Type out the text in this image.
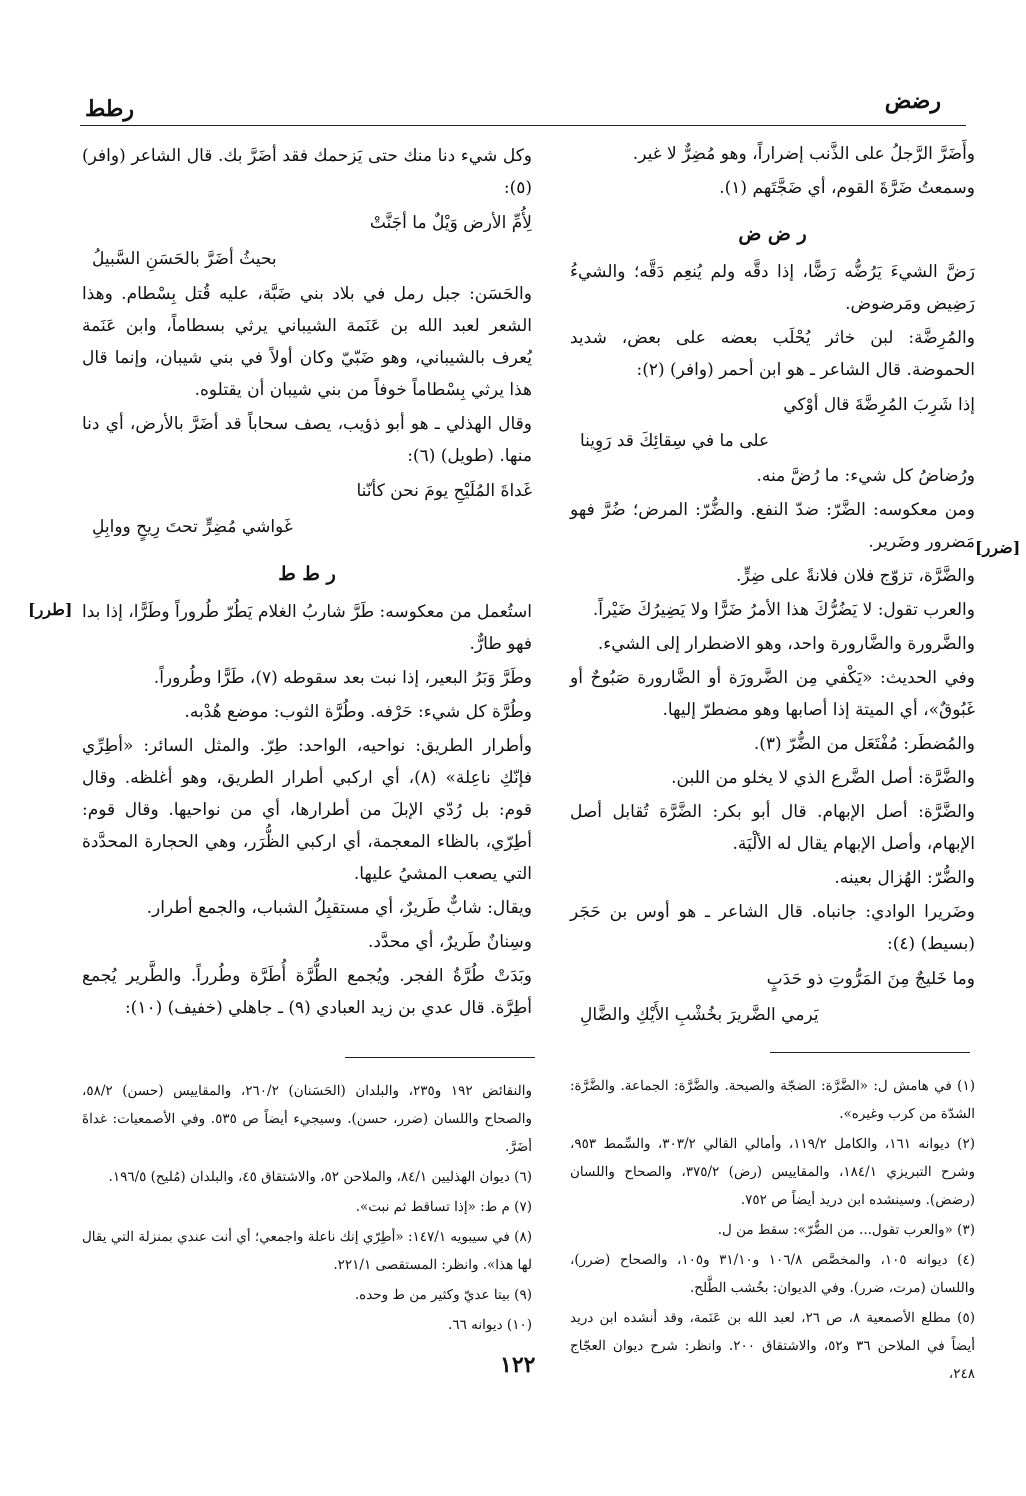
رضض
رطط

وأَضَرَّ الرَّجلُ على الذَّنب إضراراً، وهو مُضِرٌّ لا غير.

وسمعتُ ضَرَّةَ القوم، أي ضَجَّتَهم (١).

ر ض ض

رَضَّ الشيءَ يَرُضُّه رَضًّا، إذا دقَّه ولم يُنعِم دَقَّه؛ والشيءُ رَضِيض ومَرضوض.

والمُرِضَّة: لبن خاثر يُحْلَب بعضه على بعض، شديد الحموضة. قال الشاعر ـ هو ابن أحمر (وافر) (٢):

إذا شَرِبَ المُرِضَّةَ قال أوْكي

على ما في سِقائِكَ قد رَوِينا

ورُضاضُ كل شيء: ما رُضَّ منه.

ومن معكوسه: الضَّرّ: ضدّ النفع. والضُّرّ: المرض؛ ضُرَّ فهو مَضرور وضَرير.

والضَّرَّة، تزوّج فلان فلانةً على ضِرٍّ.

والعرب تقول: لا يَضُرُّكَ هذا الأمرُ ضَرًّا ولا يَضِيرُكَ ضَيْراً.

والضَّرورة والضَّارورة واحد، وهو الاضطرار إلى الشيء.

وفي الحديث: «يَكْفي مِن الضَّرورَة أو الضَّارورة صَبُوحٌ أو غَبُوقٌ»، أي الميتة إذا أصابها وهو مضطرّ إليها.

والمُضطَر: مُفْتَعَل من الضُّرّ (٣).

والضَّرَّة: أصل الضَّرع الذي لا يخلو من اللبن.

والضَّرَّة: أصل الإبهام. قال أبو بكر: الضَّرَّة تُقابل أصل الإبهام، وأصل الإبهام يقال له الألْيَة.

والضُّرّ: الهُزال بعينه.

وضَريرا الوادي: جانباه. قال الشاعر ـ هو أوس بن حَجَر (بسيط) (٤):

وما خَليجٌ مِنَ المَرُّوتِ ذو حَدَبٍ

يَرمي الضَّريرَ بخُشْبِ الأَيْكِ والضَّالِ

[ضرر]

وكل شيء دنا منك حتى يَزحمك فقد أضَرَّ بك. قال الشاعر (وافر) (٥):

لِأُمِّ الأرض وَيْلٌ ما أجَنَّتْ

بحيثُ أضَرَّ بالحَسَنِ السَّبيلُ

والحَسَن: جبل رمل في بلاد بني ضَبَّة، عليه قُتل بِسْطام. وهذا الشعر لعبد الله بن عَنَمة الشيباني يرثي بسطاماً، وابن عَنَمة يُعرف بالشيباني، وهو ضَبّيّ وكان أولاً في بني شيبان، وإنما قال هذا يرثي بِسْطاماً خوفاً من بني شيبان أن يقتلوه.

وقال الهذلي ـ هو أبو ذؤيب، يصف سحاباً قد أضَرَّ بالأرض، أي دنا منها. (طويل) (٦):

غَداةَ المُلَيْحِ يومَ نحن كأنّنا

غَواشي مُضِرٍّ تحتَ رِيحٍ ووابِلِ

ر ط ط

استُعمل من معكوسه: طَرَّ شاربُ الغلام يَطُرّ طُروراً وطَرًّا، إذا بدا فهو طارٌّ.

وطَرَّ وَبَرُ البعير، إذا نبت بعد سقوطه (٧)، طَرًّا وطُروراً.

وطُرَّة كل شيء: حَرْفه. وطُرَّة الثوب: موضع هُدْبه.

وأطرار الطريق: نواحيه، الواحد: طِرّ. والمثل السائر: «أطِرِّي فإنّكِ ناعِلة» (٨)، أي اركبي أطرار الطريق، وهو أغلظه. وقال قوم: بل رُدّي الإبلَ من أطرارها، أي من نواحيها. وقال قوم: أطِرّي، بالظاء المعجمة، أي اركبي الظُّرَر، وهي الحجارة المحدَّدة التي يصعب المشيُ عليها.

ويقال: شابٌّ طَريرٌ، أي مستقبِلُ الشباب، والجمع أطرار.

وسِنانٌ طَريرٌ، أي محدَّد.

وبَدَتْ طُرَّةُ الفجر. ويُجمع الطُّرَّة أُطَرَّة وطُرراً. والطَّرير يُجمع أطِرَّة. قال عدي بن زيد العبادي (٩) ـ جاهلي (خفيف) (١٠):

[طرر]

(١) في هامش ل: «الضَّرَّة: الضجّة والصيحة. والضَّرَّة: الجماعة. والضَّرَّة: الشدّة من كرب وغيره».

(٢) ديوانه ١٦١، والكامل ١١٩/٢، وأمالي القالي ٣٠٣/٢، والسِّمط ٩٥٣، وشرح التبريزي ١٨٤/١، والمقاييس (رض) ٣٧٥/٢، والصحاح واللسان (رضض). وسينشده ابن دريد أيضاً ص ٧٥٢.

(٣) «والعرب تقول... من الضُّرّ»: سقط من ل.

(٤) ديوانه ١٠٥، والمخصَّص ١٠٦/٨ و٣١/١٠ و١٠٥، والصحاح (ضرر)، واللسان (مرت، ضرر). وفي الديوان: بخُشب الطَّلح.

(٥) مطلع الأصمعية ٨، ص ٢٦، لعبد الله بن عَنَمة، وقد أنشده ابن دريد أيضاً في الملاحن ٣٦ و٥٢، والاشتقاق ٢٠٠. وانظر: شرح ديوان العجّاج ٢٤٨،

والنقائض ١٩٢ و٢٣٥، والبلدان (الحَسَنان) ٢٦٠/٢، والمقاييس (حسن) ٥٨/٢، والصحاح واللسان (ضرر، حسن). وسيجيء أيضاً ص ٥٣٥. وفي الأصمعيات: غداةَ أضَرَّ.

(٦) ديوان الهذليين ٨٤/١، والملاحن ٥٢، والاشتقاق ٤٥، والبلدان (مُليح) ١٩٦/٥.

(٧) م ط: «إذا تساقط ثم نبت».

(٨) في سيبويه ١٤٧/١: «أطِرّي إنك ناعلة واجمعي؛ أي أنت عندي بمنزلة التي يقال لها هذا». وانظر: المستقصى ٢٢١/١.

(٩) بيتا عديّ وكثير من ط وحده.

(١٠) ديوانه ٦٦.

١٢٢
